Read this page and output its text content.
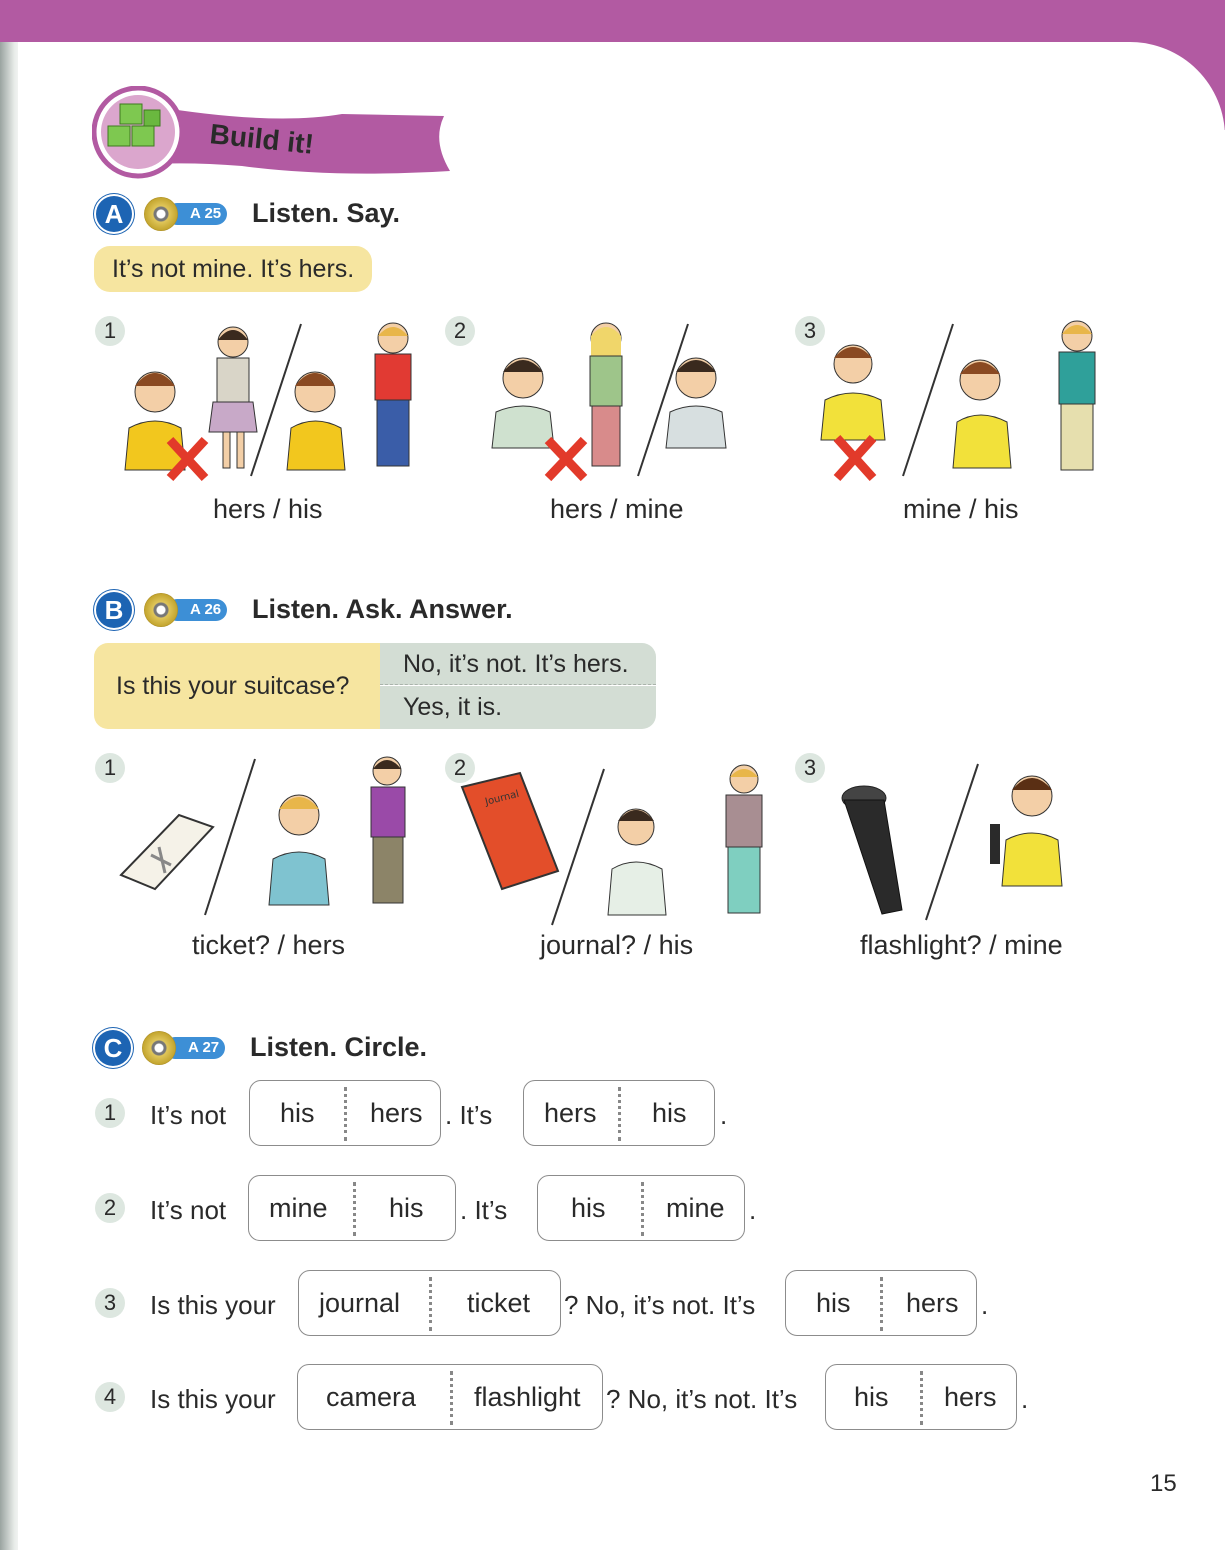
Build it!
A	A 25 Listen. Say.
It’s not mine. It’s hers.
1	2	3
hers / his	hers / mine	mine / his
B	A 26 Listen. Ask. Answer.
Is this your suitcase?
No, it’s not. It’s hers.
Yes, it is.
1	2	3
Journal
ticket? / hers	journal? / his	flashlight? / mine
C	A 27 Listen. Circle.
1	It’s not his hers . It’s hers his .
2	It’s not mine his . It’s his mine .
3	Is this your journal ticket ? No, it’s not. It’s his hers .
4	Is this your camera flashlight ? No, it’s not. It’s his hers .
15
